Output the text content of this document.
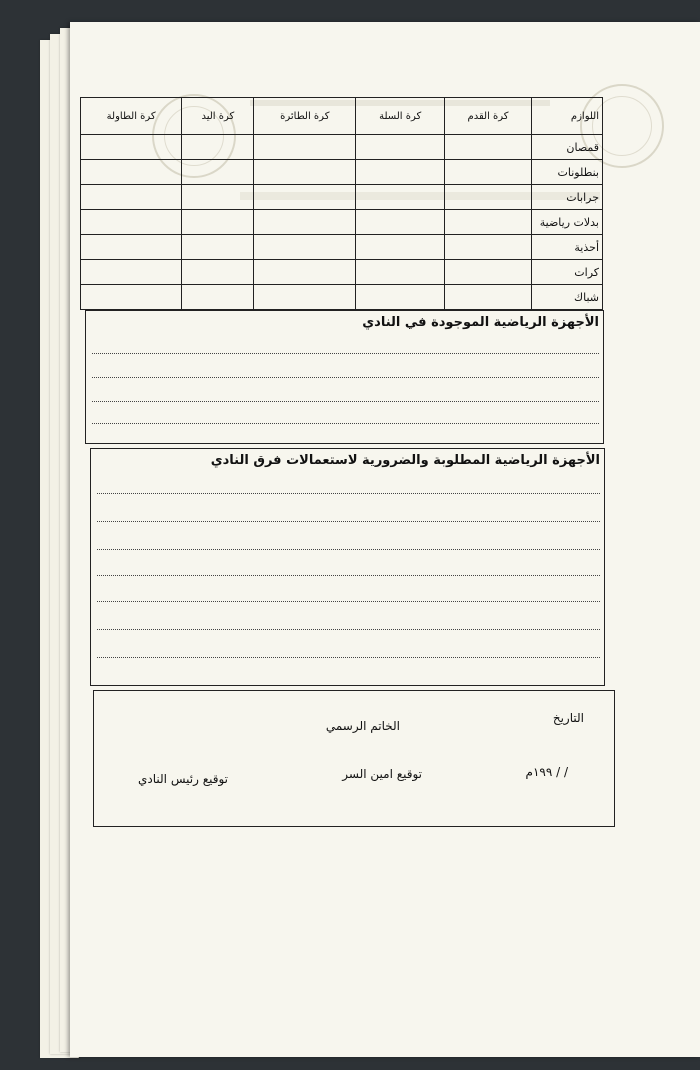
اللوازم	كرة القدم	كرة السلة	كرة الطائرة	كرة اليد	كرة الطاولة
قمصان					
بنطلونات					
جرابات					
بدلات رياضية					
أحذية					
كرات					
شباك					
الأجهزة الرياضية الموجودة في النادي
الأجهزة الرياضية المطلوبة والضرورية لاستعمالات فرق النادي
التاريخ
الخاتم الرسمي
/ / ١٩٩م
توقيع امين السر
توقيع رئيس النادي
